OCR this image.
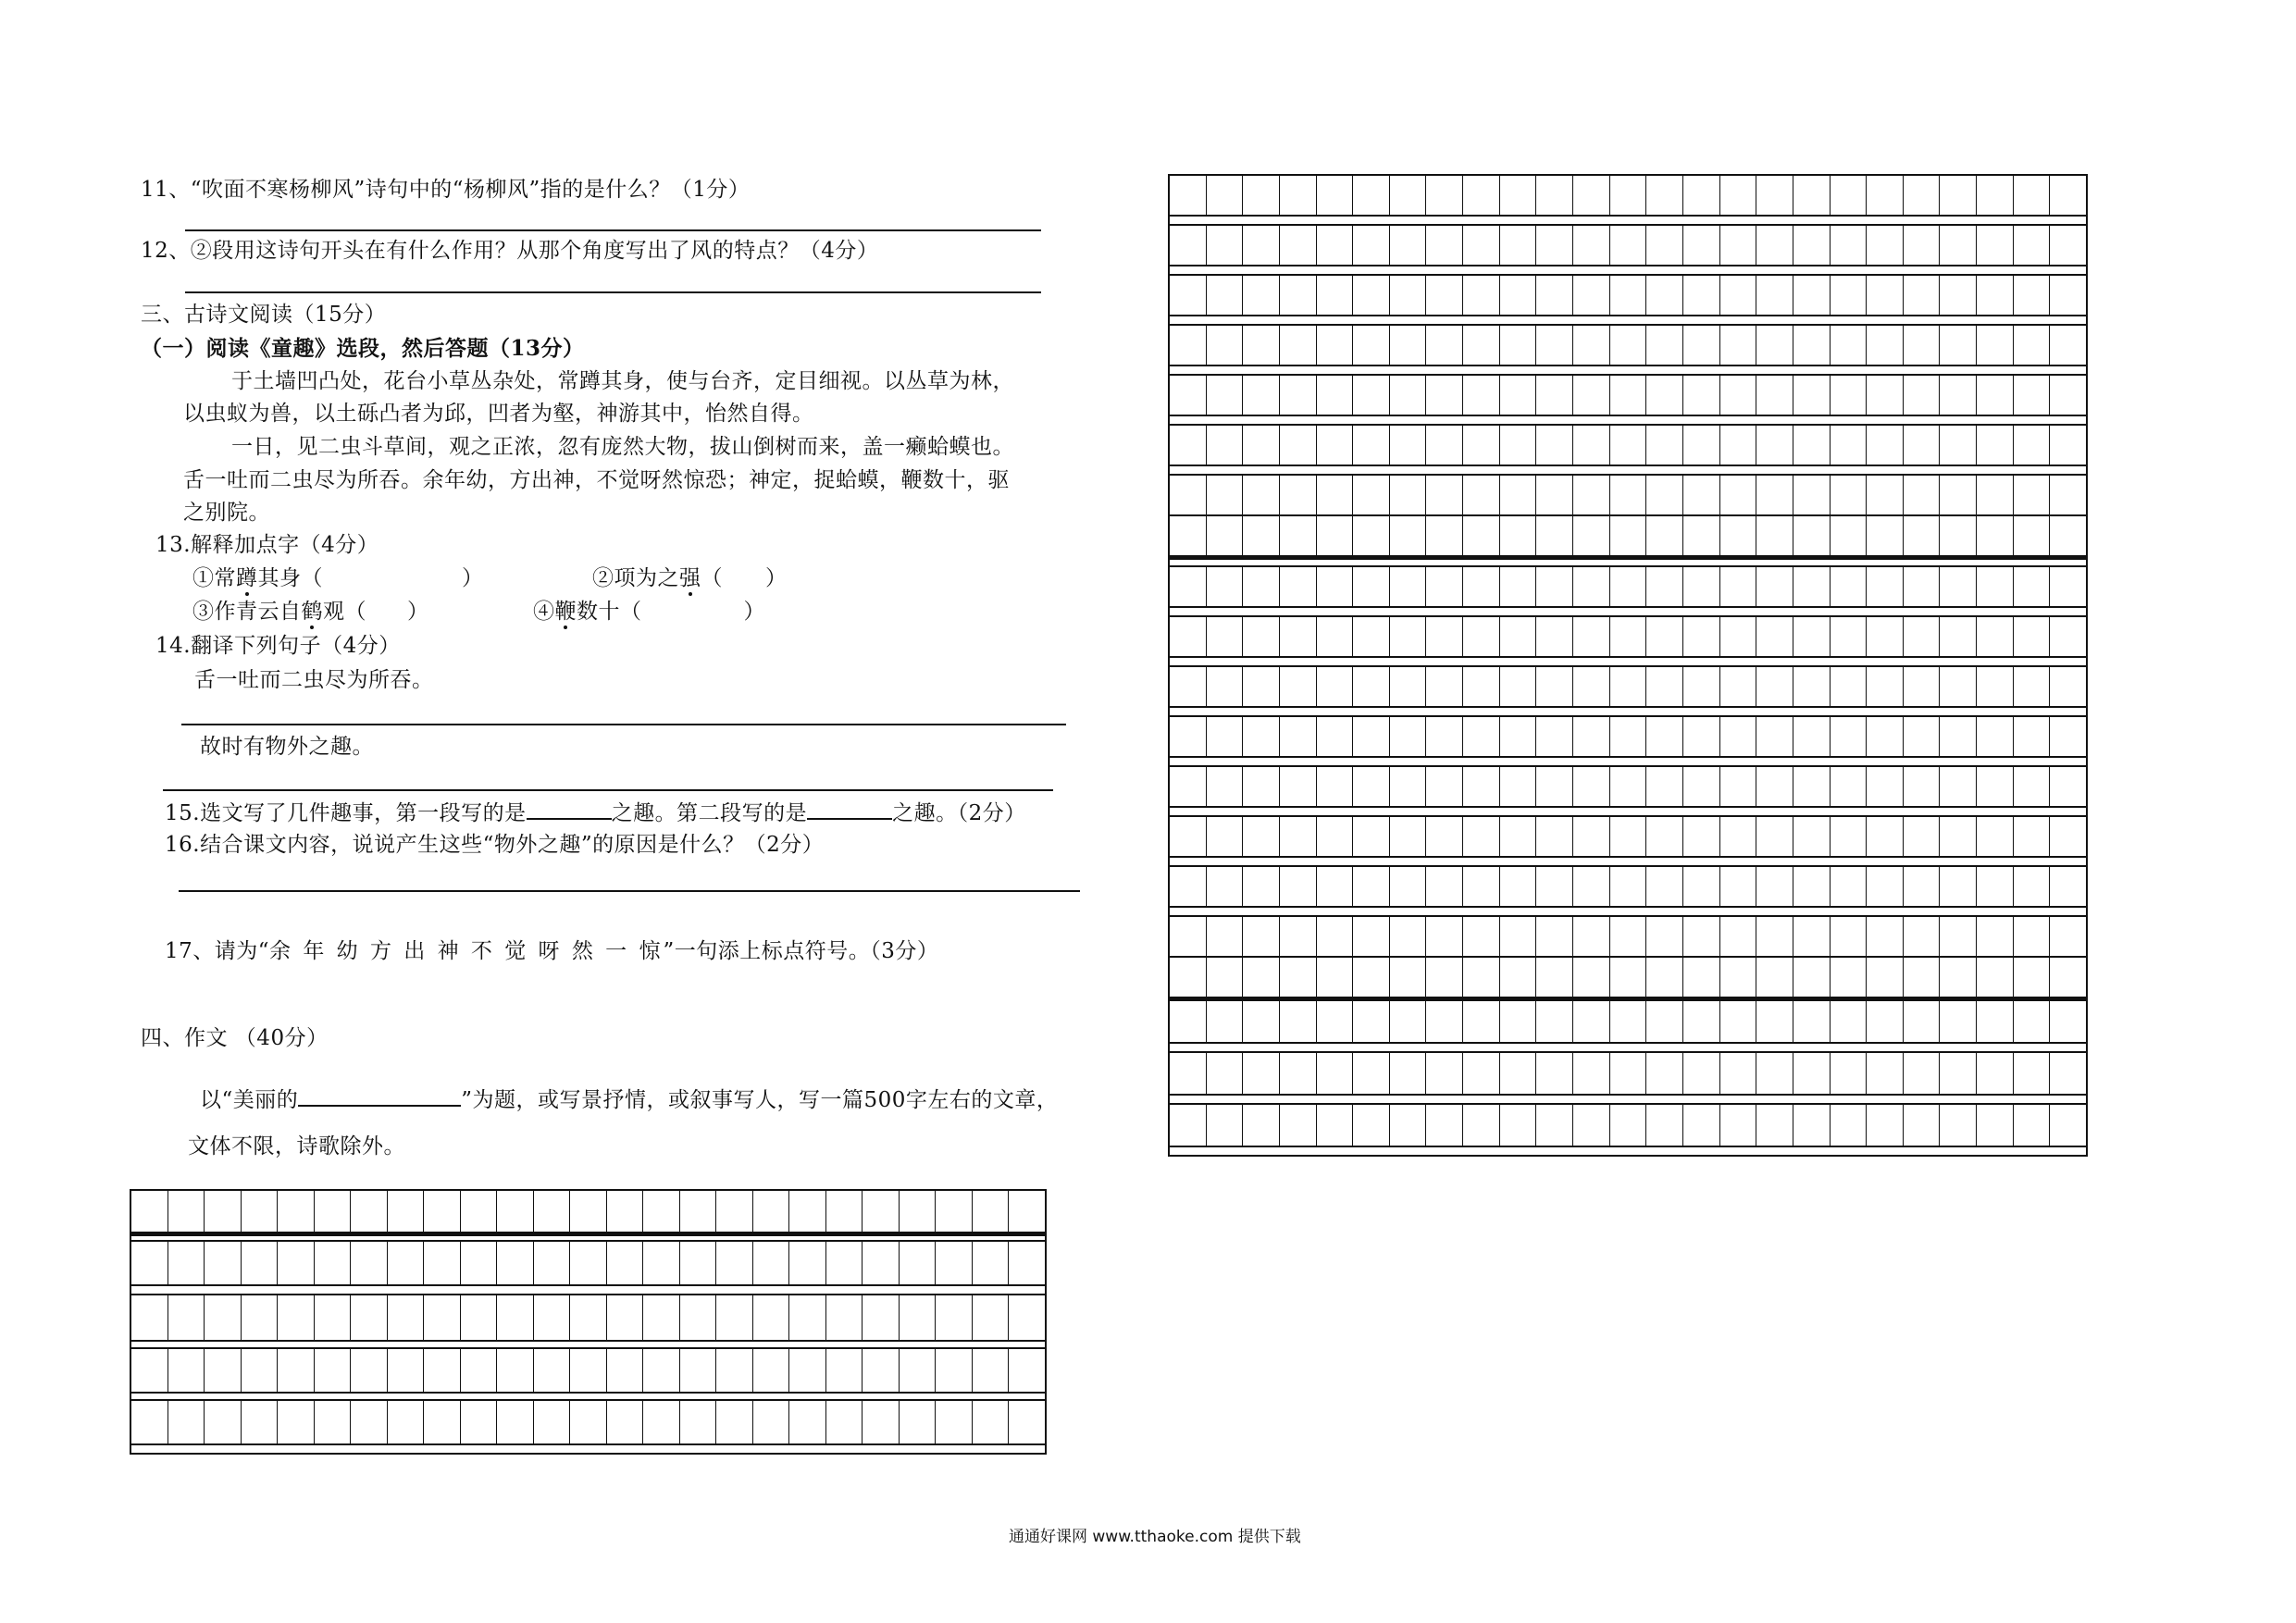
11、“吹面不寒杨柳风”诗句中的“杨柳风”指的是什么？（1分）
12、②段用这诗句开头在有什么作用？从那个角度写出了风的特点？（4分）
三、古诗文阅读（15分）
（一）阅读《童趣》选段，然后答题（13分）
于土墙凹凸处，花台小草丛杂处，常蹲其身，使与台齐，定目细视。以丛草为林，
以虫蚁为兽，以土砾凸者为邱，凹者为壑，神游其中，怡然自得。
一日，见二虫斗草间，观之正浓，忽有庞然大物，拔山倒树而来，盖一癞蛤蟆也。
舌一吐而二虫尽为所吞。余年幼，方出神，不觉呀然惊恐；神定，捉蛤蟆，鞭数十，驱
之别院。
13.解释加点字（4分）
①常蹲其身（	）	②项为之强（ ）
③作青云自鹤观（ ）	④鞭数十（	）
14.翻译下列句子（4分）
舌一吐而二虫尽为所吞。
故时有物外之趣。
15.选文写了几件趣事，第一段写的是	之趣。第二段写的是	之趣。（2分）
16.结合课文内容，说说产生这些“物外之趣”的原因是什么？（2分）
17、请为“余 年 幼 方 出 神 不 觉 呀 然 一 惊”一句添上标点符号。（3分）
四、作文 （40分）
以“美丽的	”为题，或写景抒情，或叙事写人，写一篇500字左右的文章，
文体不限，诗歌除外。
通通好课网 www.tthaoke.com 提供下载
